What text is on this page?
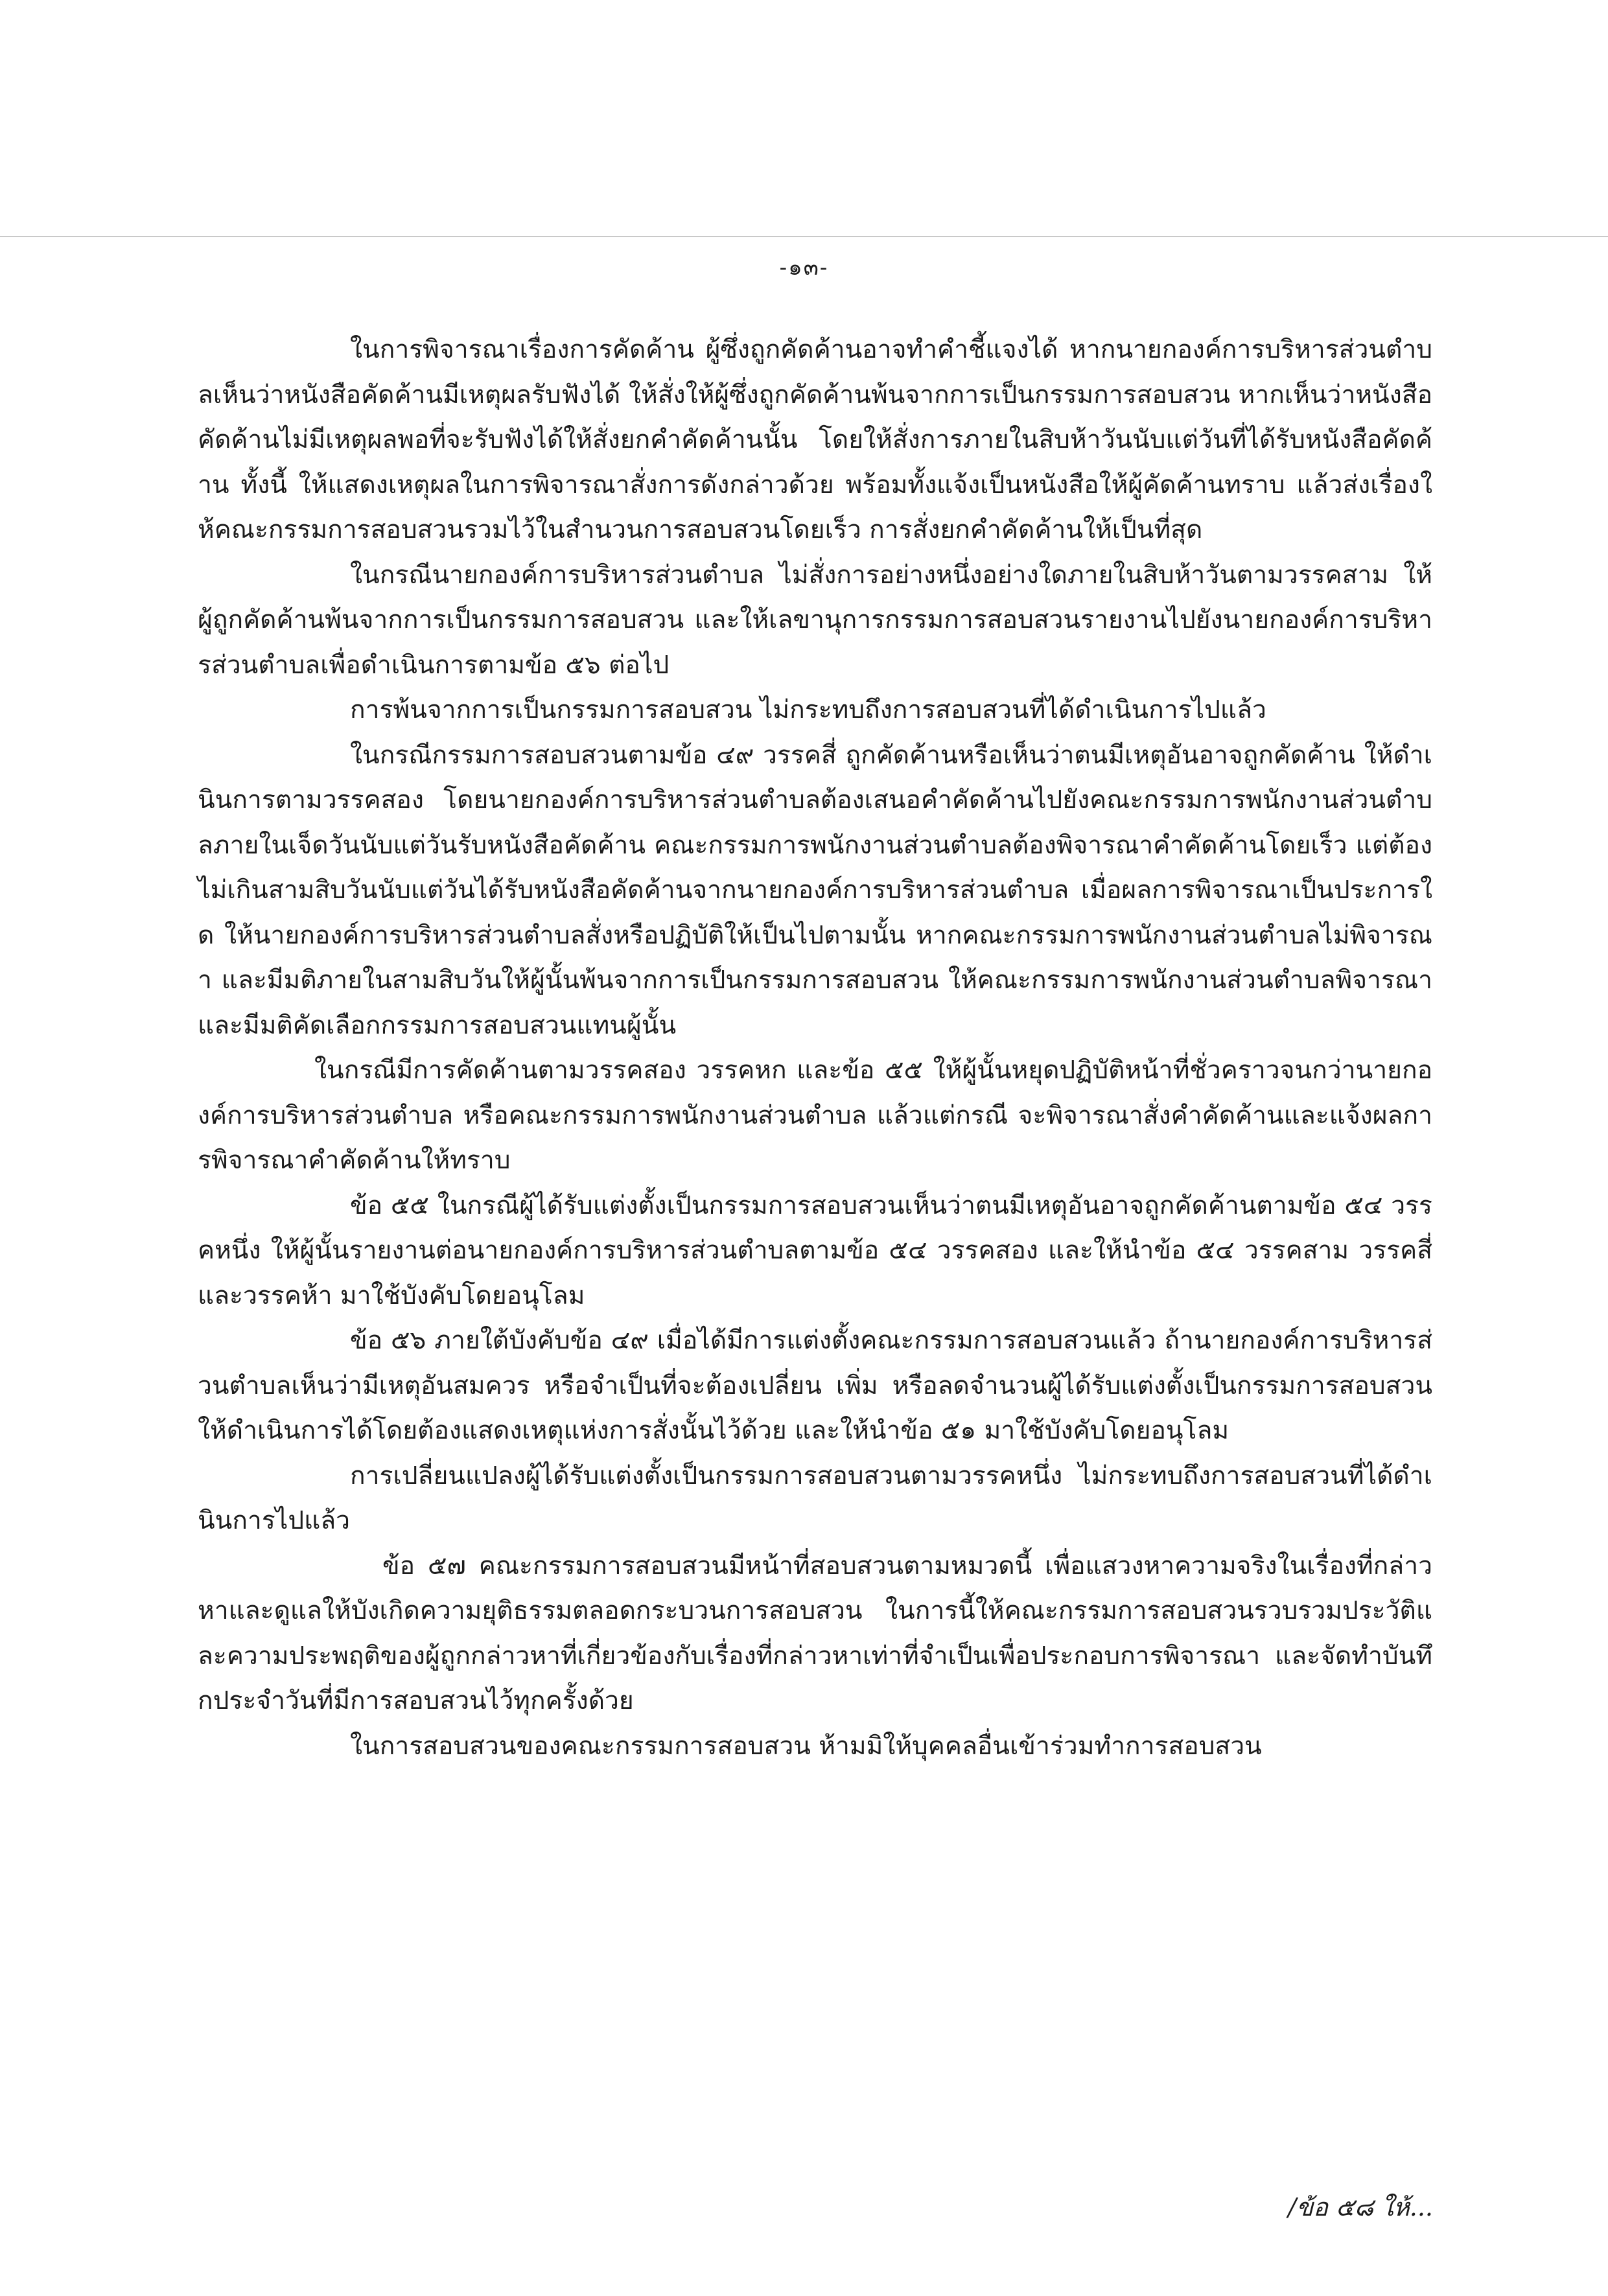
-๑๓-

ในการพิจารณาเรื่องการคัดค้าน ผู้ซึ่งถูกคัดค้านอาจทำคำชี้แจงได้ หากนายกองค์การบริหารส่วนตำบลเห็นว่าหนังสือคัดค้านมีเหตุผลรับฟังได้ ให้สั่งให้ผู้ซึ่งถูกคัดค้านพ้นจากการเป็นกรรมการสอบสวน หากเห็นว่าหนังสือคัดค้านไม่มีเหตุผลพอที่จะรับฟังได้ให้สั่งยกคำคัดค้านนั้น โดยให้สั่งการภายในสิบห้าวันนับแต่วันที่ได้รับหนังสือคัดค้าน ทั้งนี้ ให้แสดงเหตุผลในการพิจารณาสั่งการดังกล่าวด้วย พร้อมทั้งแจ้งเป็นหนังสือให้ผู้คัดค้านทราบ แล้วส่งเรื่องให้คณะกรรมการสอบสวนรวมไว้ในสำนวนการสอบสวนโดยเร็ว การสั่งยกคำคัดค้านให้เป็นที่สุด

ในกรณีนายกองค์การบริหารส่วนตำบล ไม่สั่งการอย่างหนึ่งอย่างใดภายในสิบห้าวันตามวรรคสาม ให้ผู้ถูกคัดค้านพ้นจากการเป็นกรรมการสอบสวน และให้เลขานุการกรรมการสอบสวนรายงานไปยังนายกองค์การบริหารส่วนตำบลเพื่อดำเนินการตามข้อ ๕๖ ต่อไป

การพ้นจากการเป็นกรรมการสอบสวน ไม่กระทบถึงการสอบสวนที่ได้ดำเนินการไปแล้ว

ในกรณีกรรมการสอบสวนตามข้อ ๔๙ วรรคสี่ ถูกคัดค้านหรือเห็นว่าตนมีเหตุอันอาจถูกคัดค้าน ให้ดำเนินการตามวรรคสอง โดยนายกองค์การบริหารส่วนตำบลต้องเสนอคำคัดค้านไปยังคณะกรรมการพนักงานส่วนตำบลภายในเจ็ดวันนับแต่วันรับหนังสือคัดค้าน คณะกรรมการพนักงานส่วนตำบลต้องพิจารณาคำคัดค้านโดยเร็ว แต่ต้องไม่เกินสามสิบวันนับแต่วันได้รับหนังสือคัดค้านจากนายกองค์การบริหารส่วนตำบล เมื่อผลการพิจารณาเป็นประการใด ให้นายกองค์การบริหารส่วนตำบลสั่งหรือปฏิบัติให้เป็นไปตามนั้น หากคณะกรรมการพนักงานส่วนตำบลไม่พิจารณา และมีมติภายในสามสิบวันให้ผู้นั้นพ้นจากการเป็นกรรมการสอบสวน ให้คณะกรรมการพนักงานส่วนตำบลพิจารณาและมีมติคัดเลือกกรรมการสอบสวนแทนผู้นั้น

ในกรณีมีการคัดค้านตามวรรคสอง วรรคหก และข้อ ๕๕ ให้ผู้นั้นหยุดปฏิบัติหน้าที่ชั่วคราวจนกว่านายกองค์การบริหารส่วนตำบล หรือคณะกรรมการพนักงานส่วนตำบล แล้วแต่กรณี จะพิจารณาสั่งคำคัดค้านและแจ้งผลการพิจารณาคำคัดค้านให้ทราบ

ข้อ ๕๕ ในกรณีผู้ได้รับแต่งตั้งเป็นกรรมการสอบสวนเห็นว่าตนมีเหตุอันอาจถูกคัดค้านตามข้อ ๕๔ วรรคหนึ่ง ให้ผู้นั้นรายงานต่อนายกองค์การบริหารส่วนตำบลตามข้อ ๕๔ วรรคสอง และให้นำข้อ ๕๔ วรรคสาม วรรคสี่ และวรรคห้า มาใช้บังคับโดยอนุโลม

ข้อ ๕๖ ภายใต้บังคับข้อ ๔๙ เมื่อได้มีการแต่งตั้งคณะกรรมการสอบสวนแล้ว ถ้านายกองค์การบริหารส่วนตำบลเห็นว่ามีเหตุอันสมควร หรือจำเป็นที่จะต้องเปลี่ยน เพิ่ม หรือลดจำนวนผู้ได้รับแต่งตั้งเป็นกรรมการสอบสวน ให้ดำเนินการได้โดยต้องแสดงเหตุแห่งการสั่งนั้นไว้ด้วย และให้นำข้อ ๕๑ มาใช้บังคับโดยอนุโลม

การเปลี่ยนแปลงผู้ได้รับแต่งตั้งเป็นกรรมการสอบสวนตามวรรคหนึ่ง ไม่กระทบถึงการสอบสวนที่ได้ดำเนินการไปแล้ว

ข้อ ๕๗ คณะกรรมการสอบสวนมีหน้าที่สอบสวนตามหมวดนี้ เพื่อแสวงหาความจริงในเรื่องที่กล่าวหาและดูแลให้บังเกิดความยุติธรรมตลอดกระบวนการสอบสวน ในการนี้ให้คณะกรรมการสอบสวนรวบรวมประวัติและความประพฤติของผู้ถูกกล่าวหาที่เกี่ยวข้องกับเรื่องที่กล่าวหาเท่าที่จำเป็นเพื่อประกอบการพิจารณา และจัดทำบันทึกประจำวันที่มีการสอบสวนไว้ทุกครั้งด้วย

ในการสอบสวนของคณะกรรมการสอบสวน ห้ามมิให้บุคคลอื่นเข้าร่วมทำการสอบสวน

/ข้อ ๕๘ ให้...
